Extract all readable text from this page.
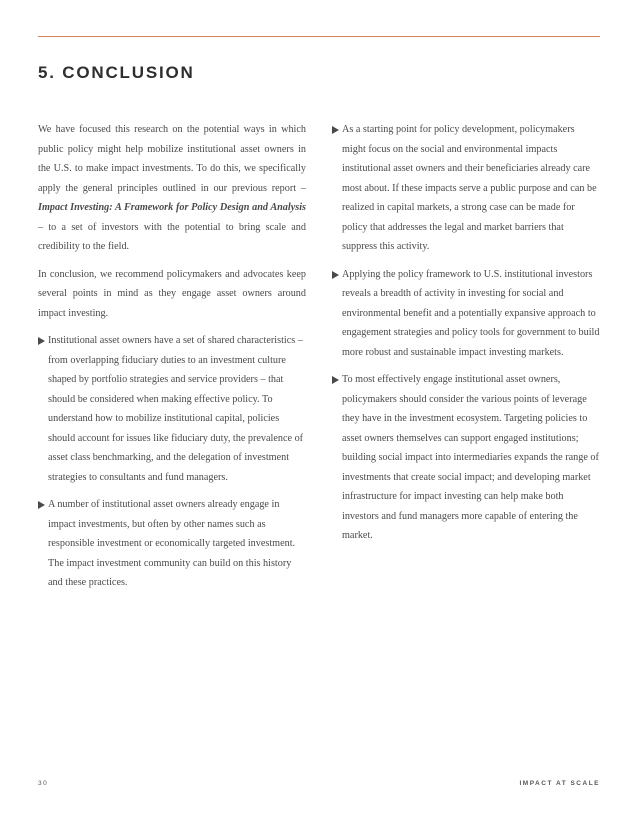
5. CONCLUSION

We have focused this research on the potential ways in which public policy might help mobilize institutional asset owners in the U.S. to make impact investments. To do this, we specifically apply the general principles outlined in our previous report – Impact Investing: A Framework for Policy Design and Analysis – to a set of investors with the potential to bring scale and credibility to the field.

In conclusion, we recommend policymakers and advocates keep several points in mind as they engage asset owners around impact investing.

Institutional asset owners have a set of shared characteristics – from overlapping fiduciary duties to an investment culture shaped by portfolio strategies and service providers – that should be considered when making effective policy. To understand how to mobilize institutional capital, policies should account for issues like fiduciary duty, the prevalence of asset class benchmarking, and the delegation of investment strategies to consultants and fund managers.
A number of institutional asset owners already engage in impact investments, but often by other names such as responsible investment or economically targeted investment. The impact investment community can build on this history and these practices.
As a starting point for policy development, policymakers might focus on the social and environmental impacts institutional asset owners and their beneficiaries already care most about. If these impacts serve a public purpose and can be realized in capital markets, a strong case can be made for policy that addresses the legal and market barriers that suppress this activity.
Applying the policy framework to U.S. institutional investors reveals a breadth of activity in investing for social and environmental benefit and a potentially expansive approach to engagement strategies and policy tools for government to build more robust and sustainable impact investing markets.
To most effectively engage institutional asset owners, policymakers should consider the various points of leverage they have in the investment ecosystem. Targeting policies to asset owners themselves can support engaged institutions; building social impact into intermediaries expands the range of investments that create social impact; and developing market infrastructure for impact investing can help make both investors and fund managers more capable of entering the market.
30	IMPACT AT SCALE
